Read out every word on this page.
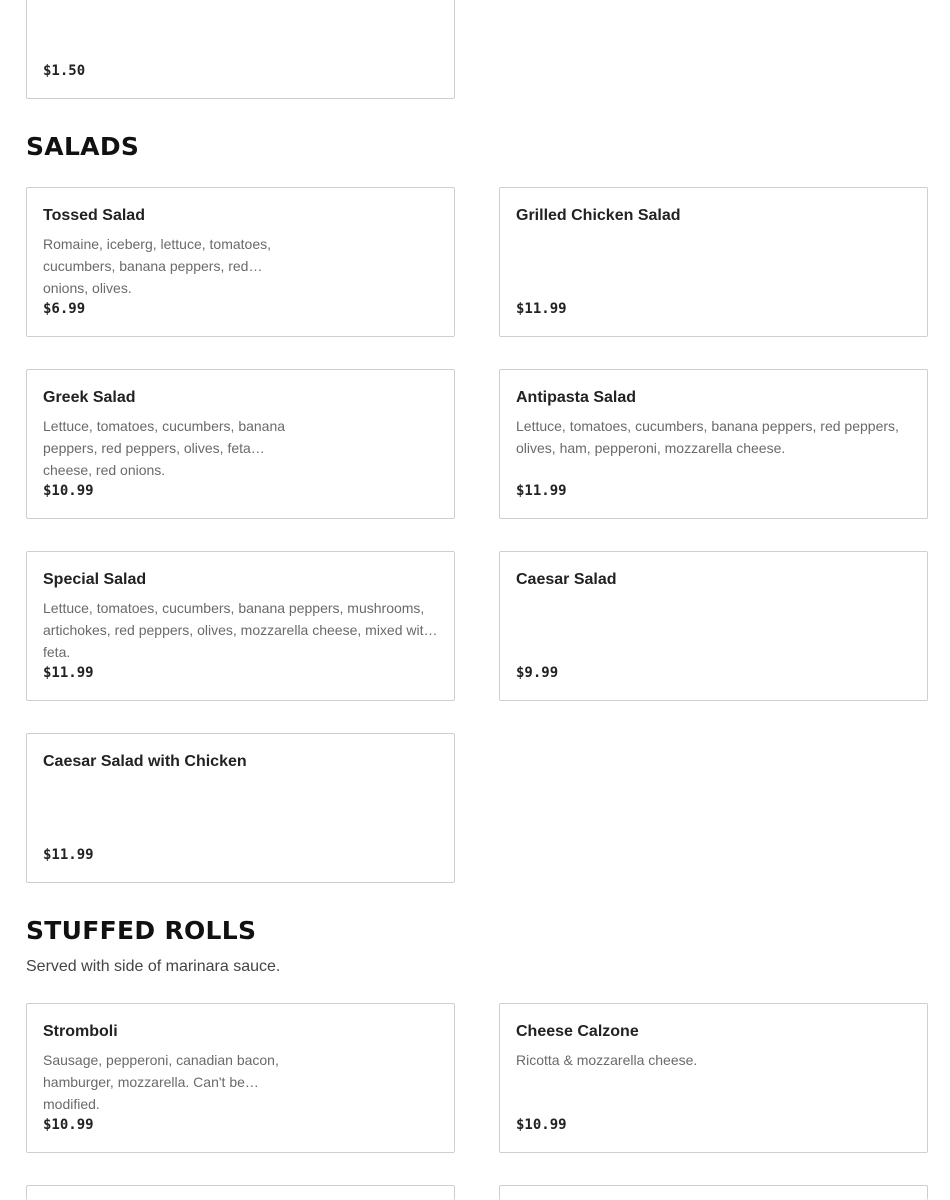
$1.50
SALADS
Tossed Salad
Romaine, iceberg, lettuce, tomatoes, cucumbers, banana peppers, red onions, olives.
$6.99
Grilled Chicken Salad
$11.99
Greek Salad
Lettuce, tomatoes, cucumbers, banana peppers, red peppers, olives, feta cheese, red onions.
$10.99
Antipasta Salad
Lettuce, tomatoes, cucumbers, banana peppers, red peppers, olives, ham, pepperoni, mozzarella cheese.
$11.99
Special Salad
Lettuce, tomatoes, cucumbers, banana peppers, mushrooms, artichokes, red peppers, olives, mozzarella cheese, mixed with feta.
$11.99
Caesar Salad
$9.99
Caesar Salad with Chicken
$11.99
STUFFED ROLLS
Served with side of marinara sauce.
Stromboli
Sausage, pepperoni, canadian bacon, hamburger, mozzarella. Can't be modified.
$10.99
Cheese Calzone
Ricotta & mozzarella cheese.
$10.99
